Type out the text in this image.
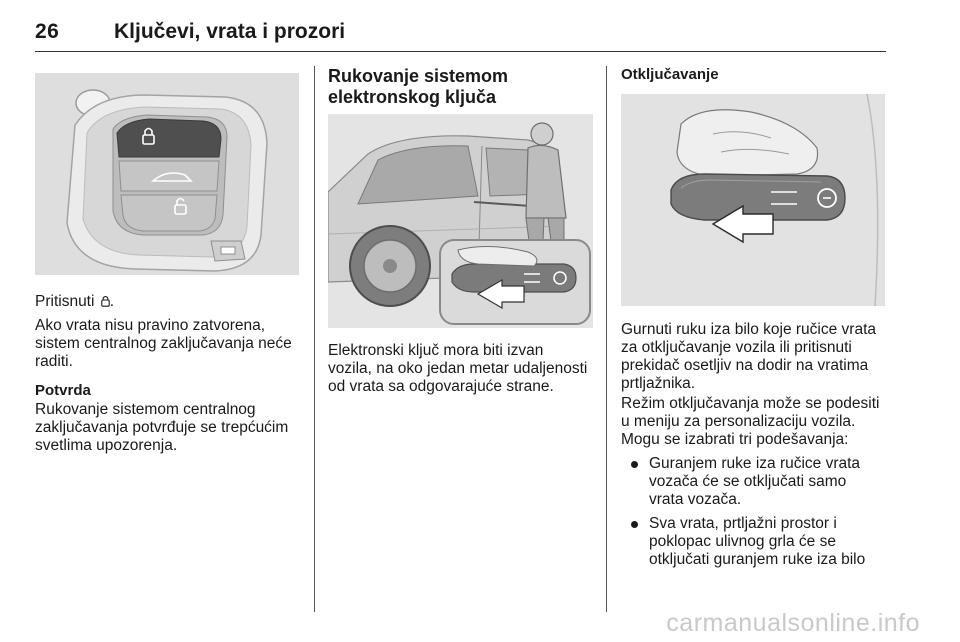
26	Ključevi, vrata i prozori

Pritisnuti .

Ako vrata nisu pravino zatvorena,
sistem centralnog zaključavanja neće
raditi.
Potvrda
Rukovanje sistemom centralnog
zaključavanja potvrđuje se trepćućim
svetlima upozorenja.
Rukovanje sistemom
elektronskog ključa
Elektronski ključ mora biti izvan
vozila, na oko jedan metar udaljenosti
od vrata sa odgovarajuće strane.
Otključavanje
Gurnuti ruku iza bilo koje ručice vrata
za otključavanje vozila ili pritisnuti
prekidač osetljiv na dodir na vratima
prtljažnika.
Režim otključavanja može se podesiti
u meniju za personalizaciju vozila.
Mogu se izabrati tri podešavanja:
Guranjem ruke iza ručice vrata
vozača će se otključati samo
vrata vozača.
Sva vrata, prtljažni prostor i
poklopac ulivnog grla će se
otključati guranjem ruke iza bilo
carmanualsonline.info
